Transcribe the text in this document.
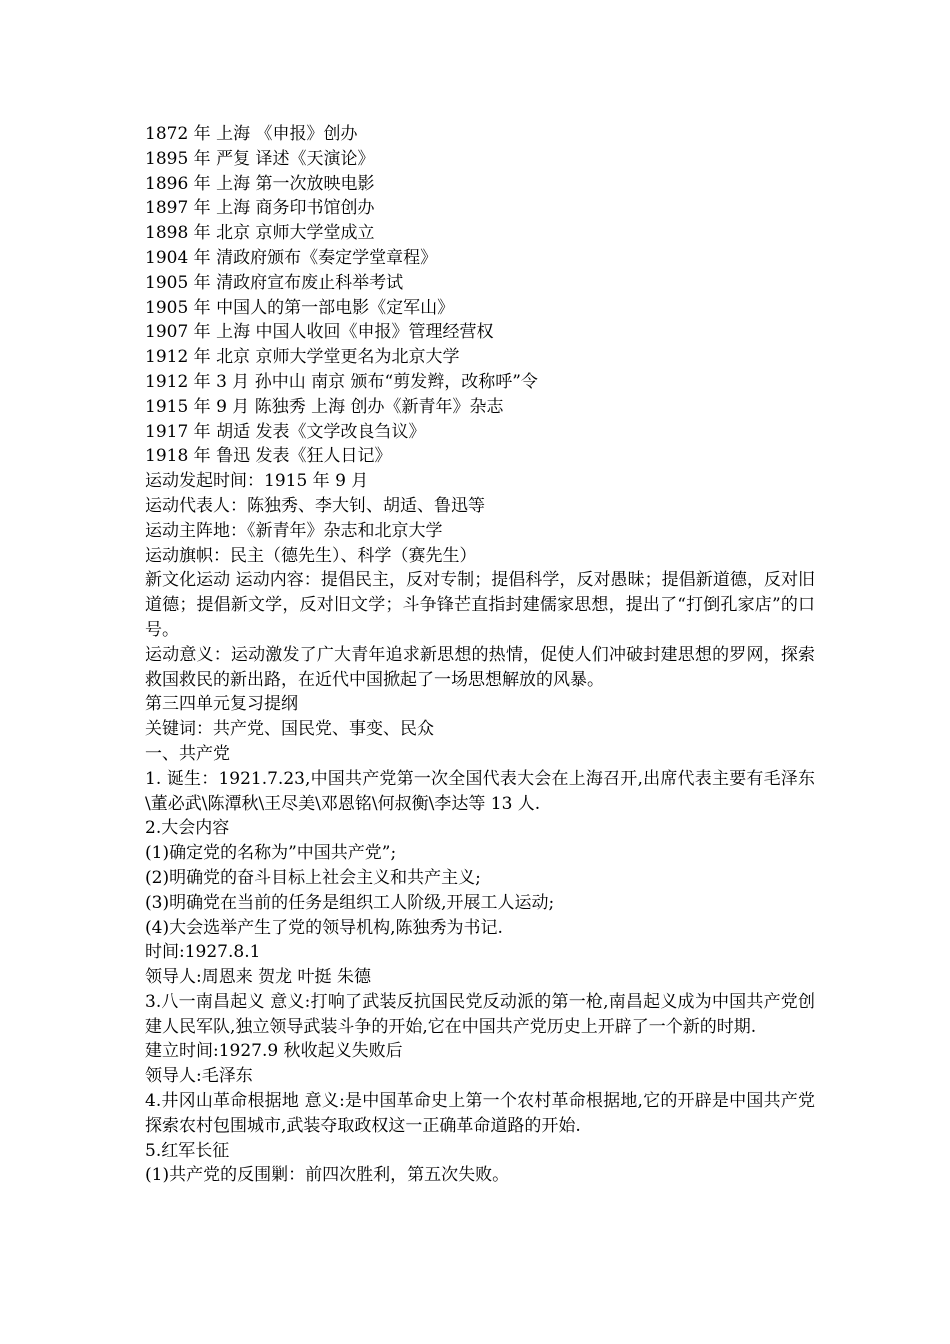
1872 年 上海 《申报》创办
1895 年 严复 译述《天演论》
1896 年 上海 第一次放映电影
1897 年 上海 商务印书馆创办
1898 年 北京 京师大学堂成立
1904 年 清政府颁布《奏定学堂章程》
1905 年 清政府宣布废止科举考试
1905 年 中国人的第一部电影《定军山》
1907 年 上海 中国人收回《申报》管理经营权
1912 年 北京 京师大学堂更名为北京大学
1912 年 3 月 孙中山 南京 颁布“剪发辫，改称呼”令
1915 年 9 月 陈独秀 上海 创办《新青年》杂志
1917 年 胡适 发表《文学改良刍议》
1918 年 鲁迅 发表《狂人日记》
运动发起时间：1915 年 9 月
运动代表人：陈独秀、李大钊、胡适、鲁迅等
运动主阵地：《新青年》杂志和北京大学
运动旗帜：民主（德先生）、科学（赛先生）
新文化运动 运动内容：提倡民主，反对专制；提倡科学，反对愚昧；提倡新道德，反对旧道德；提倡新文学，反对旧文学；斗争锋芒直指封建儒家思想，提出了“打倒孔家店”的口号。
运动意义：运动激发了广大青年追求新思想的热情，促使人们冲破封建思想的罗网，探索救国救民的新出路，在近代中国掀起了一场思想解放的风暴。
第三四单元复习提纲
关键词：共产党、国民党、事变、民众
一、共产党
1. 诞生：1921.7.23,中国共产党第一次全国代表大会在上海召开,出席代表主要有毛泽东\董必武\陈潭秋\王尽美\邓恩铭\何叔衡\李达等 13 人.
2.大会内容
(1)确定党的名称为”中国共产党”;
(2)明确党的奋斗目标上社会主义和共产主义;
(3)明确党在当前的任务是组织工人阶级,开展工人运动;
(4)大会选举产生了党的领导机构,陈独秀为书记.
时间:1927.8.1
领导人:周恩来 贺龙 叶挺 朱德
3.八一南昌起义 意义:打响了武装反抗国民党反动派的第一枪,南昌起义成为中国共产党创建人民军队,独立领导武装斗争的开始,它在中国共产党历史上开辟了一个新的时期.
建立时间:1927.9 秋收起义失败后
领导人:毛泽东
4.井冈山革命根据地 意义:是中国革命史上第一个农村革命根据地,它的开辟是中国共产党探索农村包围城市,武装夺取政权这一正确革命道路的开始.
5.红军长征
(1)共产党的反围剿：前四次胜利，第五次失败。
